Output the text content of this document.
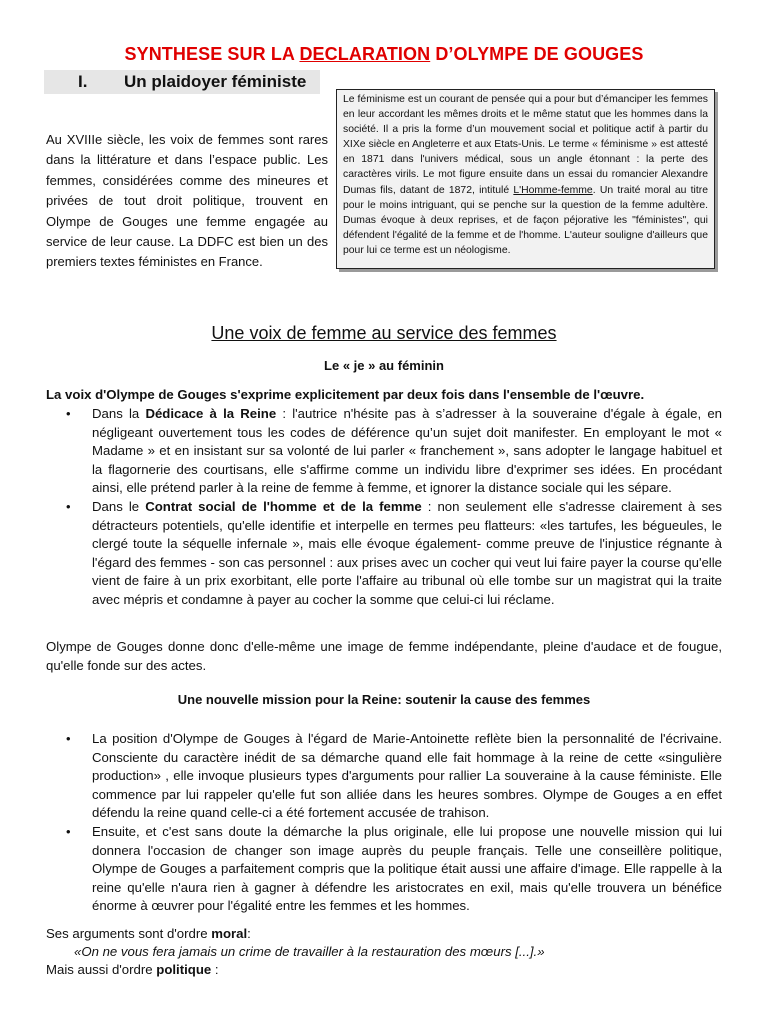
SYNTHESE SUR LA DECLARATION D’OLYMPE DE GOUGES
I. Un plaidoyer féministe
Le féminisme est un courant de pensée qui a pour but d’émanciper les femmes en leur accordant les mêmes droits et le même statut que les hommes dans la société. Il a pris la forme d’un mouvement social et politique actif à partir du XIXe siècle en Angleterre et aux Etats-Unis. Le terme « féminisme » est attesté en 1871 dans l'univers médical, sous un angle étonnant : la perte des caractères virils. Le mot figure ensuite dans un essai du romancier Alexandre Dumas fils, datant de 1872, intitulé L'Homme-femme. Un traité moral au titre pour le moins intriguant, qui se penche sur la question de la femme adultère. Dumas évoque à deux reprises, et de façon péjorative les "féministes", qui défendent l'égalité de la femme et de l'homme. L'auteur souligne d'ailleurs que pour lui ce terme est un néologisme.
Au XVIIIe siècle, les voix de femmes sont rares dans la littérature et dans l’espace public. Les femmes, considérées comme des mineures et privées de tout droit politique, trouvent en Olympe de Gouges une femme engagée au service de leur cause. La DDFC est bien un des premiers textes féministes en France.
Une voix de femme au service des femmes
Le « je » au féminin
La voix d'Olympe de Gouges s'exprime explicitement par deux fois dans l'ensemble de l'œuvre.
• Dans la Dédicace à la Reine : l'autrice n'hésite pas à s’adresser à la souveraine d'égale à égale, en négligeant ouvertement tous les codes de déférence qu’un sujet doit manifester. En employant le mot « Madame » et en insistant sur sa volonté de lui parler « franchement », sans adopter le langage habituel et la flagornerie des courtisans, elle s'affirme comme un individu libre d'exprimer ses idées. En procédant ainsi, elle prétend parler à la reine de femme à femme, et ignorer la distance sociale qui les sépare.
• Dans le Contrat social de l'homme et de la femme : non seulement elle s'adresse clairement à ses détracteurs potentiels, qu'elle identifie et interpelle en termes peu flatteurs: «les tartufes, les bégueules, le clergé toute la séquelle infernale », mais elle évoque également- comme preuve de l'injustice régnante à l'égard des femmes - son cas personnel : aux prises avec un cocher qui veut lui faire payer la course qu'elle vient de faire à un prix exorbitant, elle porte l'affaire au tribunal où elle tombe sur un magistrat qui la traite avec mépris et condamne à payer au cocher la somme que celui-ci lui réclame.
Olympe de Gouges donne donc d'elle-même une image de femme indépendante, pleine d'audace et de fougue, qu'elle fonde sur des actes.
Une nouvelle mission pour la Reine: soutenir la cause des femmes
• La position d'Olympe de Gouges à l'égard de Marie-Antoinette reflète bien la personnalité de l'écrivaine. Consciente du caractère inédit de sa démarche quand elle fait hommage à la reine de cette «singulière production» , elle invoque plusieurs types d'arguments pour rallier La souveraine à la cause féministe. Elle commence par lui rappeler qu'elle fut son alliée dans les heures sombres. Olympe de Gouges a en effet défendu la reine quand celle-ci a été fortement accusée de trahison.
• Ensuite, et c'est sans doute la démarche la plus originale, elle lui propose une nouvelle mission qui lui donnera l'occasion de changer son image auprès du peuple français. Telle une conseillère politique, Olympe de Gouges a parfaitement compris que la politique était aussi une affaire d'image. Elle rappelle à la reine qu'elle n'aura rien à gagner à défendre les aristocrates en exil, mais qu'elle trouvera un bénéfice énorme à œuvrer pour l'égalité entre les femmes et les hommes.
Ses arguments sont d'ordre moral:
«On ne vous fera jamais un crime de travailler à la restauration des mœurs [...].»
Mais aussi d'ordre politique :
